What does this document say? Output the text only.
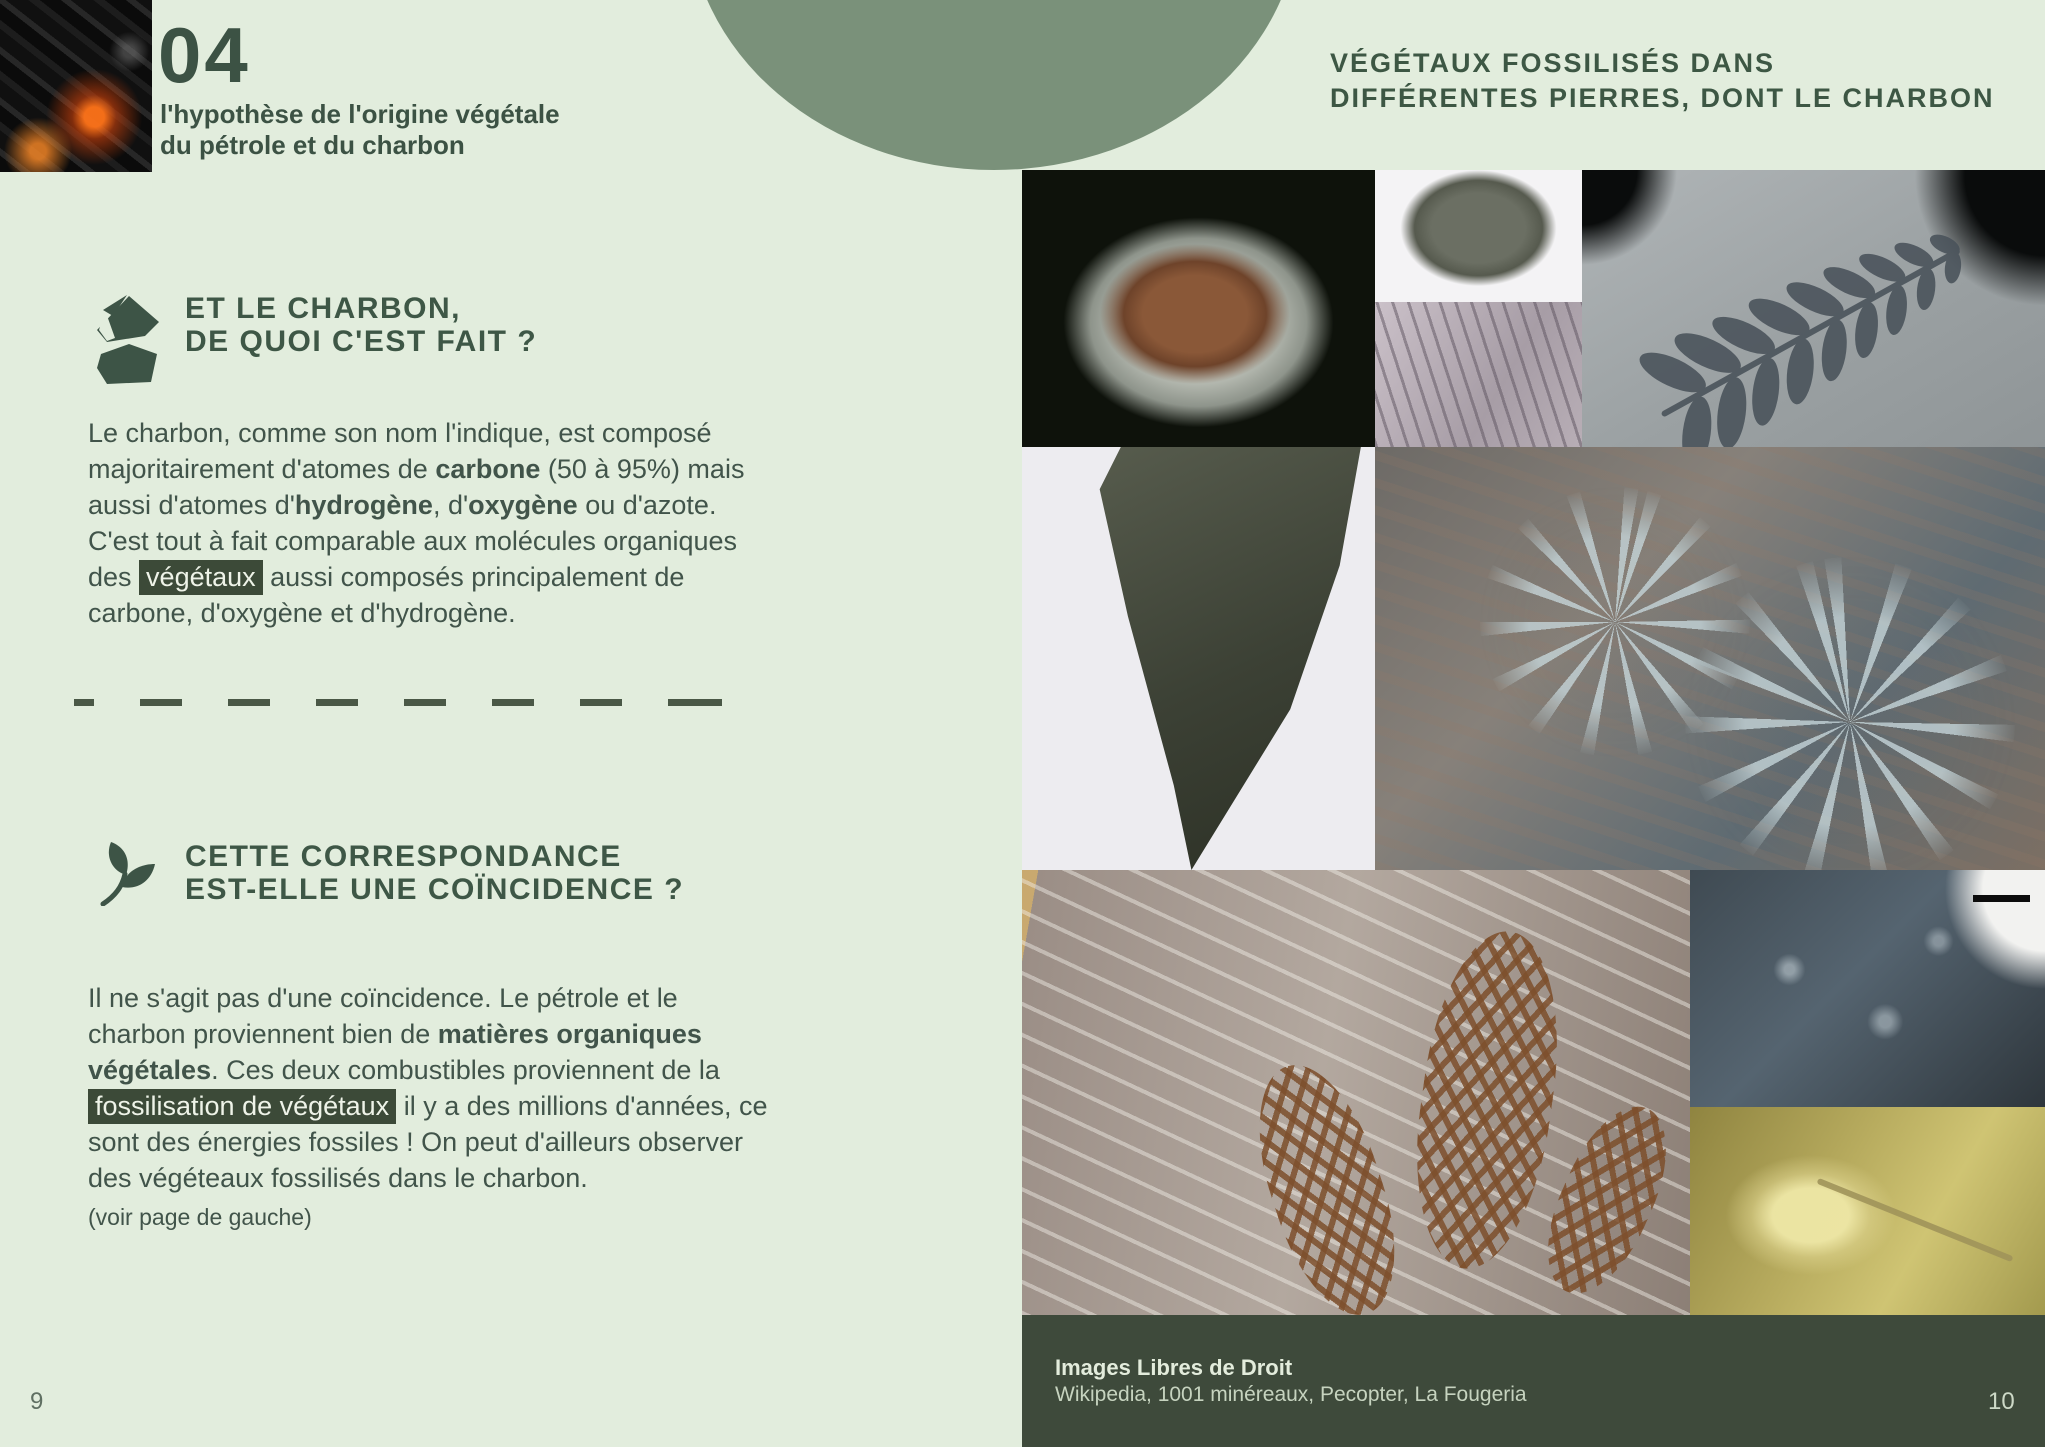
04
l'hypothèse de l'origine végétale
du pétrole et du charbon
VÉGÉTAUX FOSSILISÉS DANS
DIFFÉRENTES PIERRES, DONT LE CHARBON
ET LE CHARBON,
DE QUOI C'EST FAIT ?
Le charbon, comme son nom l'indique, est composé
majoritairement d'atomes de carbone (50 à 95%) mais
aussi d'atomes d'hydrogène, d'oxygène ou d'azote.
C'est tout à fait comparable aux molécules organiques
des végétaux aussi composés principalement de
carbone, d'oxygène et d'hydrogène.
CETTE CORRESPONDANCE
EST-ELLE UNE COÏNCIDENCE ?
Il ne s'agit pas d'une coïncidence. Le pétrole et le
charbon proviennent bien de matières organiques
végétales. Ces deux combustibles proviennent de la
fossilisation de végétaux il y a des millions d'années, ce
sont des énergies fossiles ! On peut d'ailleurs observer
des végéteaux fossilisés dans le charbon.
(voir page de gauche)
9	10
Images Libres de Droit
Wikipedia, 1001 minéreaux, Pecopter, La Fougeria
